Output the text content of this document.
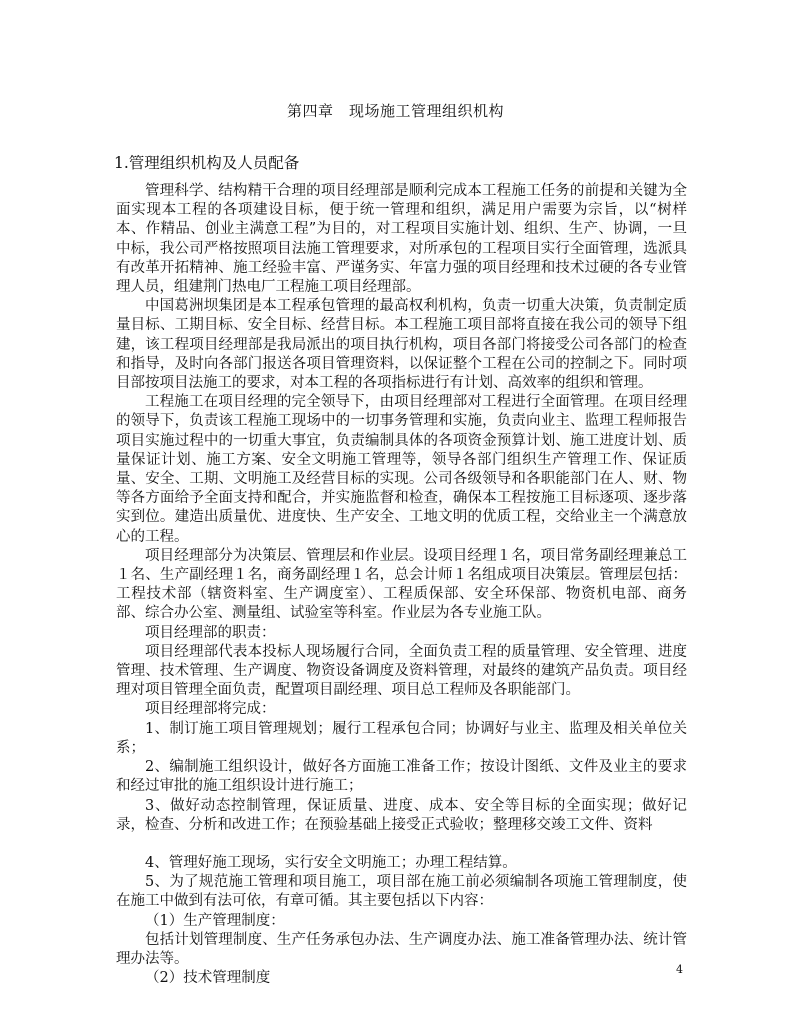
第四章　现场施工管理组织机构
1.管理组织机构及人员配备

管理科学、结构精干合理的项目经理部是顺利完成本工程施工任务的前提和关键为全面实现本工程的各项建设目标，便于统一管理和组织，满足用户需要为宗旨，以“树样本、作精品、创业主满意工程”为目的，对工程项目实施计划、组织、生产、协调，一旦中标，我公司严格按照项目法施工管理要求，对所承包的工程项目实行全面管理，选派具有改革开拓精神、施工经验丰富、严谨务实、年富力强的项目经理和技术过硬的各专业管理人员，组建荆门热电厂工程施工项目经理部。

中国葛洲坝集团是本工程承包管理的最高权利机构，负责一切重大决策，负责制定质量目标、工期目标、安全目标、经营目标。本工程施工项目部将直接在我公司的领导下组建，该工程项目经理部是我局派出的项目执行机构，项目各部门将接受公司各部门的检查和指导，及时向各部门报送各项目管理资料，以保证整个工程在公司的控制之下。同时项目部按项目法施工的要求，对本工程的各项指标进行有计划、高效率的组织和管理。

工程施工在项目经理的完全领导下，由项目经理部对工程进行全面管理。在项目经理的领导下，负责该工程施工现场中的一切事务管理和实施，负责向业主、监理工程师报告项目实施过程中的一切重大事宜，负责编制具体的各项资金预算计划、施工进度计划、质量保证计划、施工方案、安全文明施工管理等，领导各部门组织生产管理工作、保证质量、安全、工期、文明施工及经营目标的实现。公司各级领导和各职能部门在人、财、物等各方面给予全面支持和配合，并实施监督和检查，确保本工程按施工目标逐项、逐步落实到位。建造出质量优、进度快、生产安全、工地文明的优质工程，交给业主一个满意放心的工程。

项目经理部分为决策层、管理层和作业层。设项目经理１名，项目常务副经理兼总工１名、生产副经理１名，商务副经理１名，总会计师１名组成项目决策层。管理层包括：工程技术部（辖资料室、生产调度室）、工程质保部、安全环保部、物资机电部、商务部、综合办公室、测量组、试验室等科室。作业层为各专业施工队。

项目经理部的职责：

项目经理部代表本投标人现场履行合同，全面负责工程的质量管理、安全管理、进度管理、技术管理、生产调度、物资设备调度及资料管理，对最终的建筑产品负责。项目经理对项目管理全面负责，配置项目副经理、项目总工程师及各职能部门。

项目经理部将完成：

1、制订施工项目管理规划；履行工程承包合同；协调好与业主、监理及相关单位关系；

2、编制施工组织设计，做好各方面施工准备工作；按设计图纸、文件及业主的要求和经过审批的施工组织设计进行施工；

3、做好动态控制管理，保证质量、进度、成本、安全等目标的全面实现；做好记录，检查、分析和改进工作；在预验基础上接受正式验收；整理移交竣工文件、资料

4、管理好施工现场，实行安全文明施工；办理工程结算。

5、为了规范施工管理和项目施工，项目部在施工前必须编制各项施工管理制度，使在施工中做到有法可依，有章可循。其主要包括以下内容：

（1）生产管理制度：

包括计划管理制度、生产任务承包办法、生产调度办法、施工准备管理办法、统计管理办法等。

（2）技术管理制度

4
